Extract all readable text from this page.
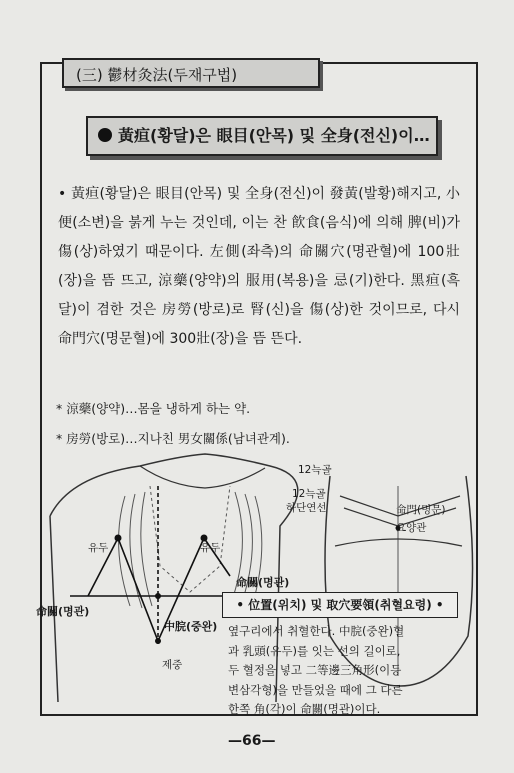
(三) 鬱材灸法(두재구법)
黃疸(황달)은 眼目(안목) 및 全身(전신)이…

• 黃疸(황달)은 眼目(안목) 및 全身(전신)이 發黃(발황)해지고, 小便(소변)을 붉게 누는 것인데, 이는 찬 飮食(음식)에 의해 脾(비)가 傷(상)하였기 때문이다. 左側(좌측)의 命關穴(명관혈)에 100壯(장)을 뜸 뜨고, 涼藥(양약)의 服用(복용)을 忌(기)한다. 黑疸(흑달)이 겸한 것은 房勞(방로)로 腎(신)을 傷(상)한 것이므로, 다시 命門穴(명문혈)에 300壯(장)을 뜸 뜬다.

* 涼藥(양약)…몸을 냉하게 하는 약.
* 房勞(방로)…지나친 男女關係(남녀관계).
유두	유두
命關(명관)
命關(명관)
中脘(중완)
제중
12늑골
12늑골
하단연선	命門(명문)
요양관
• 位置(위치) 및 取穴要領(취혈요령) •
옆구리에서 취혈한다. 中脘(중완)혈
과 乳頭(유두)를 잇는 선의 길이로,
두 혈정을 넣고 二等邊三角形(이등
변삼각형)을 만들었을 때에 그 다른
한쪽 角(각)이 命關(명관)이다.
—66—
